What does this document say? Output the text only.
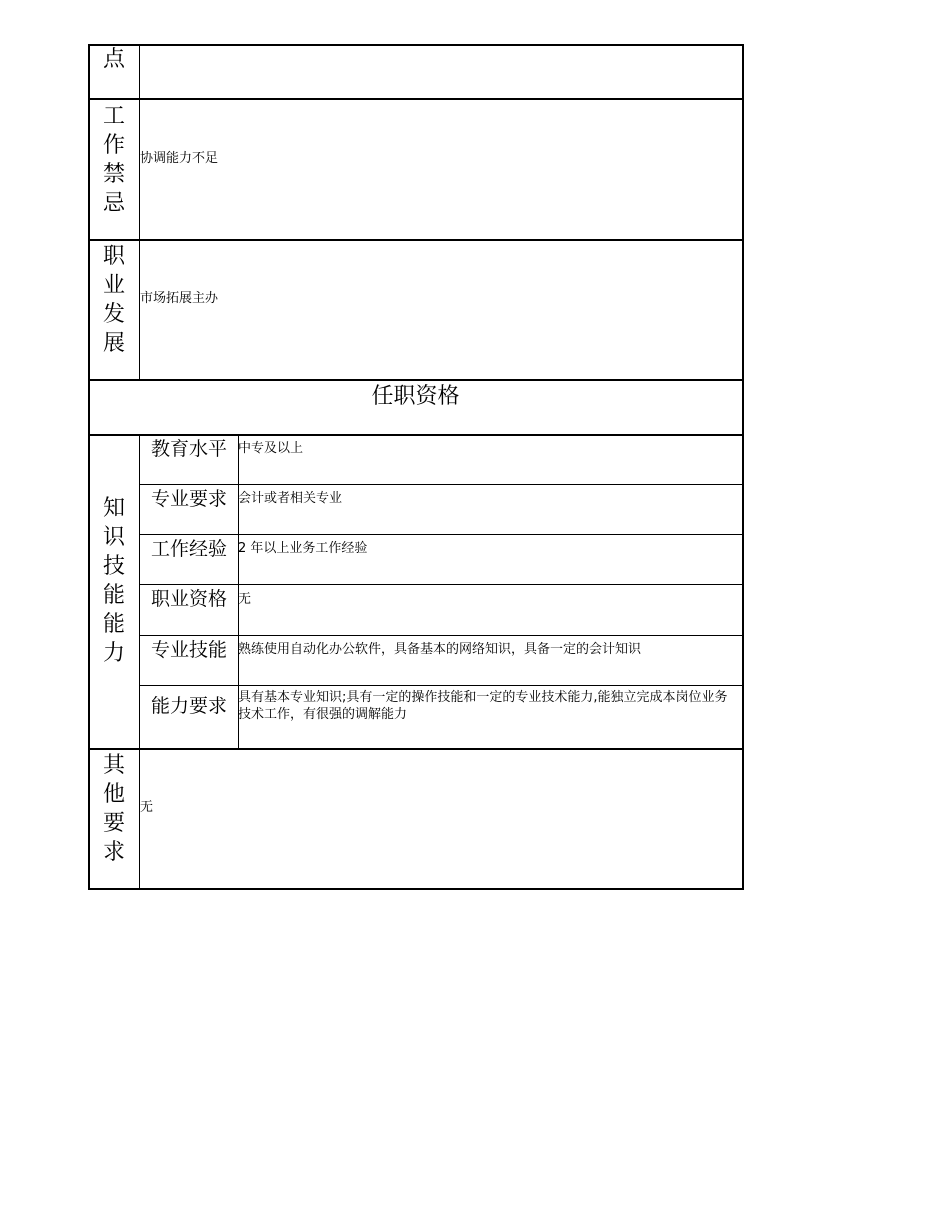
点
工作禁忌
协调能力不足
职业发展
市场拓展主办
任职资格
知识技能能力
教育水平 中专及以上
专业要求 会计或者相关专业
工作经验 2 年以上业务工作经验
职业资格 无
专业技能 熟练使用自动化办公软件，具备基本的网络知识，具备一定的会计知识
能力要求 具有基本专业知识;具有一定的操作技能和一定的专业技术能力,能独立完成本岗位业务技术工作，有很强的调解能力
其他要求
无
